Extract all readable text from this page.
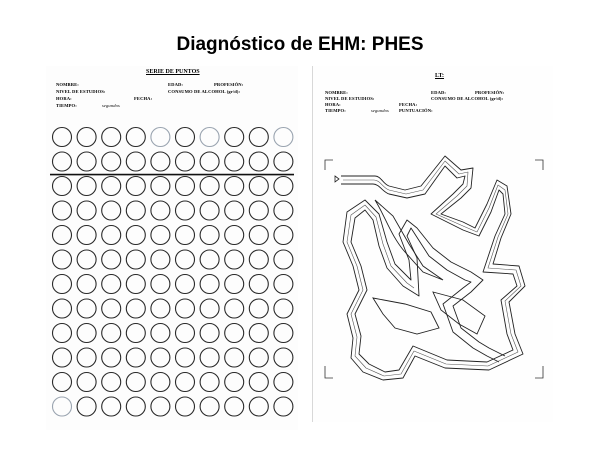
Diagnóstico de EHM: PHES
SERIE DE PUNTOS
NOMBRE:	EDAD:	PROFESIÓN:
NIVEL DE ESTUDIOS:	CONSUMO DE ALCOHOL (gr/d):
HORA:	FECHA:
TIEMPO:	segundos
LT:
NOMBRE:	EDAD:	PROFESIÓN:
NIVEL DE ESTUDIOS:	CONSUMO DE ALCOHOL (gr/d):
HORA:	FECHA:
TIEMPO:	segundos PUNTUACIÓN:
